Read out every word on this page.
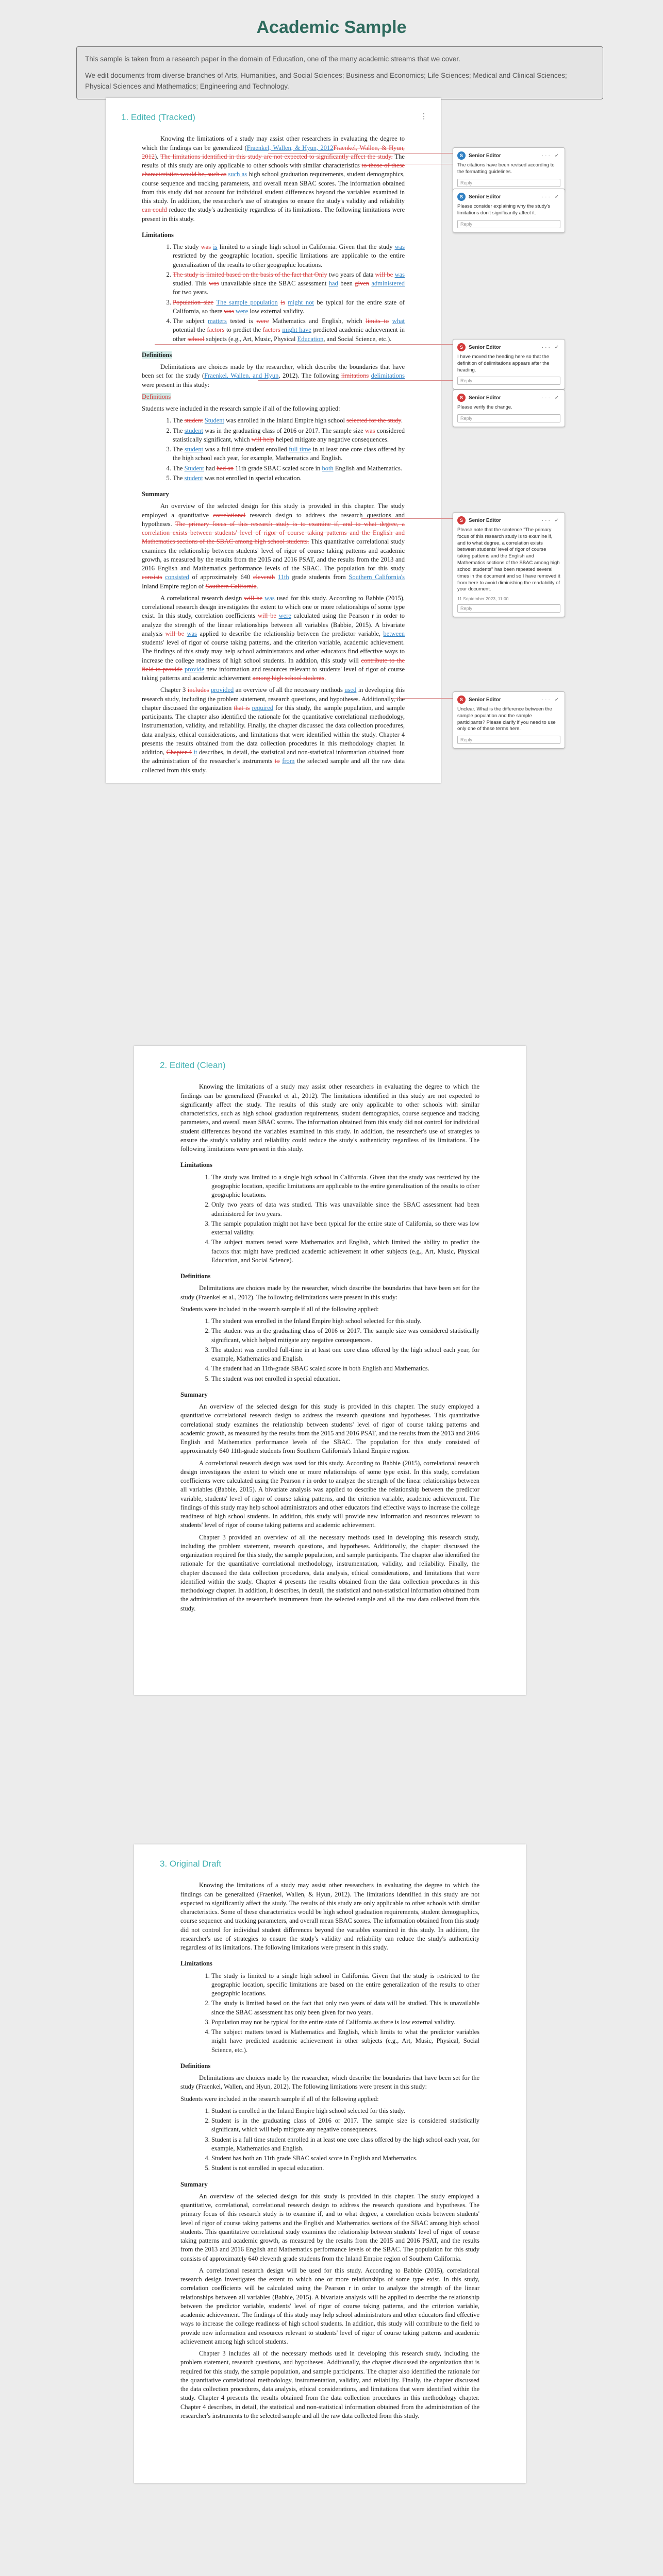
Academic Sample

This sample is taken from a research paper in the domain of Education, one of the many academic streams that we cover.

We edit documents from diverse branches of Arts, Humanities, and Social Sciences; Business and Economics; Life Sciences; Medical and Clinical Sciences; Physical Sciences and Mathematics; Engineering and Technology.

⋮
1. Edited (Tracked)

Knowing the limitations of a study may assist other researchers in evaluating the degree to which the findings can be generalized (Fraenkel, Wallen, & Hyun, 2012Fraenkel, Wallen, & Hyun, 2012). The limitations identified in this study are not expected to significantly affect the study. The results of this study are only applicable to other schools with similar characteristics to those of these characteristics would be, such as such as high school graduation requirements, student demographics, course sequence and tracking parameters, and overall mean SBAC scores. The information obtained from this study did not account for individual student differences beyond the variables examined in this study. In addition, the researcher's use of strategies to ensure the study's validity and reliability can could reduce the study's authenticity regardless of its limitations. The following limitations were present in this study.

Limitations

1. The study was is limited to a single high school in California. Given that the study was restricted by the geographic location, specific limitations are applicable to the entire generalization of the results to other geographic locations.
2. The study is limited based on the basis of the fact that Only two years of data will be was studied. This was unavailable since the SBAC assessment had been given administered for two years.
3. Population size The sample population is might not be typical for the entire state of California, so there was were low external validity.
4. The subject matters tested is were Mathematics and English, which limits to what potential the factors to predict the factors might have predicted academic achievement in other school subjects (e.g., Art, Music, Physical Education, and Social Science, etc.).

Definitions

Delimitations are choices made by the researcher, which describe the boundaries that have been set for the study (Fraenkel, Wallen, and Hyun, 2012). The following limitations delimitations were present in this study:

Definitions

Students were included in the research sample if all of the following applied:

1. The student Student was enrolled in the Inland Empire high school selected for the study.
2. The student was in the graduating class of 2016 or 2017. The sample size was considered statistically significant, which will help helped mitigate any negative consequences.
3. The student was a full time student enrolled full time in at least one core class offered by the high school each year, for example, Mathematics and English.
4. The Student had had an 11th grade SBAC scaled score in both English and Mathematics.
5. The student was not enrolled in special education.

Summary

An overview of the selected design for this study is provided in this chapter. The study employed a quantitative correlational research design to address the research questions and hypotheses. The primary focus of this research study is to examine if, and to what degree, a correlation exists between students' level of rigor of course taking patterns and the English and Mathematics sections of the SBAC among high school students. This quantitative correlational study examines the relationship between students' level of rigor of course taking patterns and academic growth, as measured by the results from the 2015 and 2016 PSAT, and the results from the 2013 and 2016 English and Mathematics performance levels of the SBAC. The population for this study consists consisted of approximately 640 eleventh 11th grade students from Southern California's Inland Empire region of Southern California.

A correlational research design will be was used for this study. According to Babbie (2015), correlational research design investigates the extent to which one or more relationships of some type exist. In this study, correlation coefficients will be were calculated using the Pearson r in order to analyze the strength of the linear relationships between all variables (Babbie, 2015). A bivariate analysis will be was applied to describe the relationship between the predictor variable, between students' level of rigor of course taking patterns, and the criterion variable, academic achievement. The findings of this study may help school administrators and other educators find effective ways to increase the college readiness of high school students. In addition, this study will contribute to the field to provide provide new information and resources relevant to students' level of rigor of course taking patterns and academic achievement among high school students.

Chapter 3 includes provided an overview of all the necessary methods used in developing this research study, including the problem statement, research questions, and hypotheses. Additionally, the chapter discussed the organization that is required for this study, the sample population, and sample participants. The chapter also identified the rationale for the quantitative correlational methodology, instrumentation, validity, and reliability. Finally, the chapter discussed the data collection procedures, data analysis, ethical considerations, and limitations that were identified within the study. Chapter 4 presents the results obtained from the data collection procedures in this methodology chapter. In addition, Chapter 4 it describes, in detail, the statistical and non-statistical information obtained from the administration of the researcher's instruments to from the selected sample and all the raw data collected from this study.

S	Senior Editor	··· ✓
The citations have been revised according to the formatting guidelines.
Reply
S	Senior Editor	··· ✓
Please consider explaining why the study's limitations don't significantly affect it.
Reply
S	Senior Editor	··· ✓
I have moved the heading here so that the definition of delimitations appears after the heading.
Reply
S	Senior Editor	··· ✓
Please verify the change.
Reply
S	Senior Editor	··· ✓
Please note that the sentence "The primary focus of this research study is to examine if, and to what degree, a correlation exists between students' level of rigor of course taking patterns and the English and Mathematics sections of the SBAC among high school students" has been repeated several times in the document and so I have removed it from here to avoid diminishing the readability of your document.
11 September 2023, 11:00
Reply
S	Senior Editor	··· ✓
Unclear. What is the difference between the sample population and the sample participants? Please clarify if you need to use only one of these terms here.
Reply
2. Edited (Clean)

Knowing the limitations of a study may assist other researchers in evaluating the degree to which the findings can be generalized (Fraenkel et al., 2012). The limitations identified in this study are not expected to significantly affect the study. The results of this study are only applicable to other schools with similar characteristics, such as high school graduation requirements, student demographics, course sequence and tracking parameters, and overall mean SBAC scores. The information obtained from this study did not control for individual student differences beyond the variables examined in this study. In addition, the researcher's use of strategies to ensure the study's validity and reliability could reduce the study's authenticity regardless of its limitations. The following limitations were present in this study.

Limitations

1. The study was limited to a single high school in California. Given that the study was restricted by the geographic location, specific limitations are applicable to the entire generalization of the results to other geographic locations.
2. Only two years of data was studied. This was unavailable since the SBAC assessment had been administered for two years.
3. The sample population might not have been typical for the entire state of California, so there was low external validity.
4. The subject matters tested were Mathematics and English, which limited the ability to predict the factors that might have predicted academic achievement in other subjects (e.g., Art, Music, Physical Education, and Social Science).

Definitions

Delimitations are choices made by the researcher, which describe the boundaries that have been set for the study (Fraenkel et al., 2012). The following delimitations were present in this study:

Students were included in the research sample if all of the following applied:

1. The student was enrolled in the Inland Empire high school selected for this study.
2. The student was in the graduating class of 2016 or 2017. The sample size was considered statistically significant, which helped mitigate any negative consequences.
3. The student was enrolled full-time in at least one core class offered by the high school each year, for example, Mathematics and English.
4. The student had an 11th-grade SBAC scaled score in both English and Mathematics.
5. The student was not enrolled in special education.

Summary

An overview of the selected design for this study is provided in this chapter. The study employed a quantitative correlational research design to address the research questions and hypotheses. This quantitative correlational study examines the relationship between students' level of rigor of course taking patterns and academic growth, as measured by the results from the 2015 and 2016 PSAT, and the results from the 2013 and 2016 English and Mathematics performance levels of the SBAC. The population for this study consisted of approximately 640 11th-grade students from Southern California's Inland Empire region.

A correlational research design was used for this study. According to Babbie (2015), correlational research design investigates the extent to which one or more relationships of some type exist. In this study, correlation coefficients were calculated using the Pearson r in order to analyze the strength of the linear relationships between all variables (Babbie, 2015). A bivariate analysis was applied to describe the relationship between the predictor variable, students' level of rigor of course taking patterns, and the criterion variable, academic achievement. The findings of this study may help school administrators and other educators find effective ways to increase the college readiness of high school students. In addition, this study will provide new information and resources relevant to students' level of rigor of course taking patterns and academic achievement.

Chapter 3 provided an overview of all the necessary methods used in developing this research study, including the problem statement, research questions, and hypotheses. Additionally, the chapter discussed the organization required for this study, the sample population, and sample participants. The chapter also identified the rationale for the quantitative correlational methodology, instrumentation, validity, and reliability. Finally, the chapter discussed the data collection procedures, data analysis, ethical considerations, and limitations that were identified within the study. Chapter 4 presents the results obtained from the data collection procedures in this methodology chapter. In addition, it describes, in detail, the statistical and non-statistical information obtained from the administration of the researcher's instruments from the selected sample and all the raw data collected from this study.

3. Original Draft

Knowing the limitations of a study may assist other researchers in evaluating the degree to which the findings can be generalized (Fraenkel, Wallen, & Hyun, 2012). The limitations identified in this study are not expected to significantly affect the study. The results of this study are only applicable to other schools with similar characteristics. Some of these characteristics would be high school graduation requirements, student demographics, course sequence and tracking parameters, and overall mean SBAC scores. The information obtained from this study did not control for individual student differences beyond the variables examined in this study. In addition, the researcher's use of strategies to ensure the study's validity and reliability can reduce the study's authenticity regardless of its limitations. The following limitations were present in this study.

Limitations

1. The study is limited to a single high school in California. Given that the study is restricted to the geographic location, specific limitations are based on the entire generalization of the results to other geographic locations.
2. The study is limited based on the fact that only two years of data will be studied. This is unavailable since the SBAC assessment has only been given for two years.
3. Population may not be typical for the entire state of California as there is low external validity.
4. The subject matters tested is Mathematics and English, which limits to what the predictor variables might have predicted academic achievement in other subjects (e.g., Art, Music, Physical, Social Science, etc.).

Definitions

Delimitations are choices made by the researcher, which describe the boundaries that have been set for the study (Fraenkel, Wallen, and Hyun, 2012). The following limitations were present in this study:

Students were included in the research sample if all of the following applied:

1. Student is enrolled in the Inland Empire high school selected for this study.
2. Student is in the graduating class of 2016 or 2017. The sample size is considered statistically significant, which will help mitigate any negative consequences.
3. Student is a full time student enrolled in at least one core class offered by the high school each year, for example, Mathematics and English.
4. Student has both an 11th grade SBAC scaled score in English and Mathematics.
5. Student is not enrolled in special education.

Summary

An overview of the selected design for this study is provided in this chapter. The study employed a quantitative, correlational, correlational research design to address the research questions and hypotheses. The primary focus of this research study is to examine if, and to what degree, a correlation exists between students' level of rigor of course taking patterns and the English and Mathematics sections of the SBAC among high school students. This quantitative correlational study examines the relationship between students' level of rigor of course taking patterns and academic growth, as measured by the results from the 2015 and 2016 PSAT, and the results from the 2013 and 2016 English and Mathematics performance levels of the SBAC. The population for this study consists of approximately 640 eleventh grade students from the Inland Empire region of Southern California.

A correlational research design will be used for this study. According to Babbie (2015), correlational research design investigates the extent to which one or more relationships of some type exist. In this study, correlation coefficients will be calculated using the Pearson r in order to analyze the strength of the linear relationships between all variables (Babbie, 2015). A bivariate analysis will be applied to describe the relationship between the predictor variable, students' level of rigor of course taking patterns, and the criterion variable, academic achievement. The findings of this study may help school administrators and other educators find effective ways to increase the college readiness of high school students. In addition, this study will contribute to the field to provide new information and resources relevant to students' level of rigor of course taking patterns and academic achievement among high school students.

Chapter 3 includes all of the necessary methods used in developing this research study, including the problem statement, research questions, and hypotheses. Additionally, the chapter discussed the organization that is required for this study, the sample population, and sample participants. The chapter also identified the rationale for the quantitative correlational methodology, instrumentation, validity, and reliability. Finally, the chapter discussed the data collection procedures, data analysis, ethical considerations, and limitations that were identified within the study. Chapter 4 presents the results obtained from the data collection procedures in this methodology chapter. Chapter 4 describes, in detail, the statistical and non-statistical information obtained from the administration of the researcher's instruments to the selected sample and all the raw data collected from this study.
